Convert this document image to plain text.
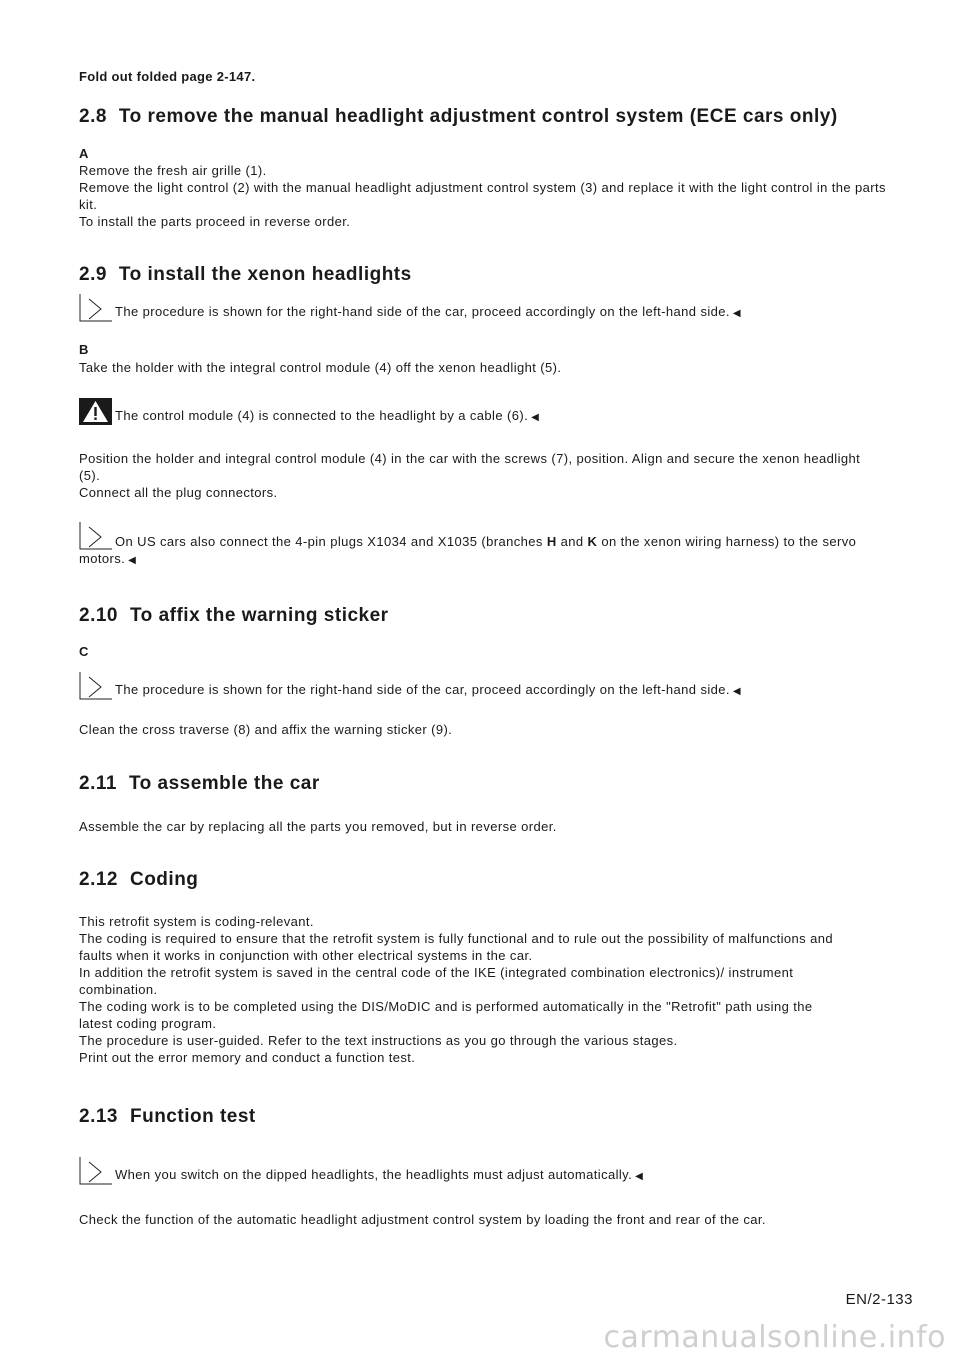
Fold out folded page 2-147.
2.8 To remove the manual headlight adjustment control system (ECE cars only)
A
Remove the fresh air grille (1).
Remove the light control (2) with the manual headlight adjustment control system (3) and replace it with the light control in the parts kit.
To install the parts proceed in reverse order.
2.9 To install the xenon headlights
The procedure is shown for the right-hand side of the car, proceed accordingly on the left-hand side. ◀
B
Take the holder with the integral control module (4) off the xenon headlight (5).
The control module (4) is connected to the headlight by a cable (6). ◀
Position the holder and integral control module (4) in the car with the screws (7), position. Align and secure the xenon headlight (5).
Connect all the plug connectors.
On US cars also connect the 4-pin plugs X1034 and X1035 (branches H and K on the xenon wiring harness) to the servo motors. ◀
2.10 To affix the warning sticker
C
The procedure is shown for the right-hand side of the car, proceed accordingly on the left-hand side. ◀
Clean the cross traverse (8) and affix the warning sticker (9).
2.11 To assemble the car
Assemble the car by replacing all the parts you removed, but in reverse order.
2.12 Coding
This retrofit system is coding-relevant.
The coding is required to ensure that the retrofit system is fully functional and to rule out the possibility of malfunctions and faults when it works in conjunction with other electrical systems in the car.
In addition the retrofit system is saved in the central code of the IKE (integrated combination electronics)/ instrument combination.
The coding work is to be completed using the DIS/MoDIC and is performed automatically in the "Retrofit" path using the latest coding program.
The procedure is user-guided. Refer to the text instructions as you go through the various stages.
Print out the error memory and conduct a function test.
2.13 Function test
When you switch on the dipped headlights, the headlights must adjust automatically. ◀
Check the function of the automatic headlight adjustment control system by loading the front and rear of the car.
EN/2-133
carmanualsonline.info
